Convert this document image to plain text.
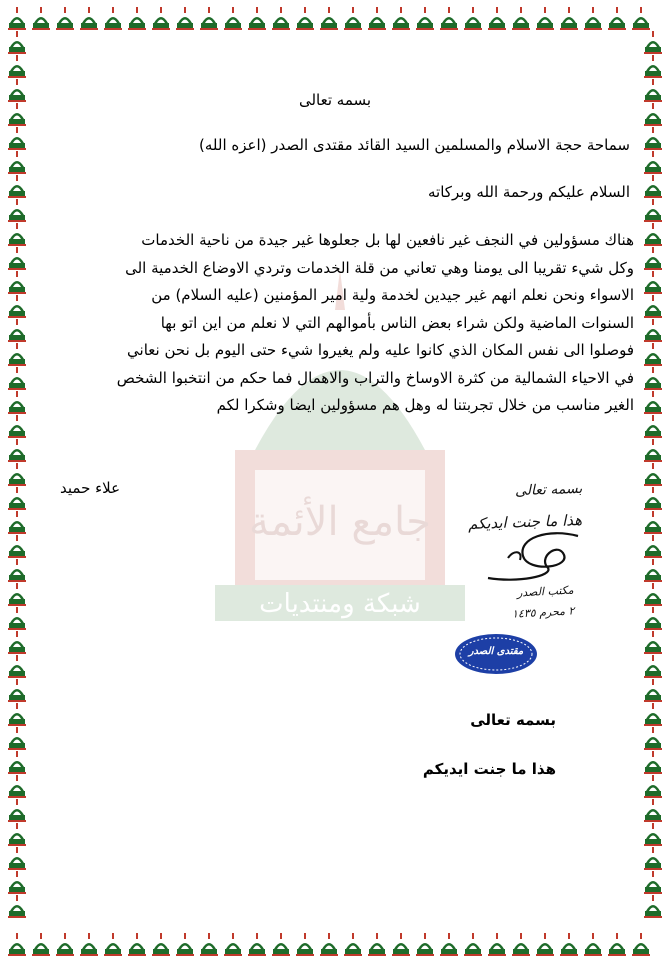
جامع الأئمة
شبكة ومنتديات
بسمه تعالى
سماحة حجة الاسلام والمسلمين السيد القائد مقتدى الصدر (اعزه الله)
السلام عليكم ورحمة الله وبركاته
هناك مسؤولين في النجف غير نافعين لها بل جعلوها غير جيدة من ناحية الخدمات
وكل شيء تقريبا الى يومنا وهي تعاني من قلة الخدمات وتردي الاوضاع الخدمية الى
الاسواء ونحن نعلم انهم غير جيدين لخدمة ولية امير المؤمنين (عليه السلام) من
السنوات الماضية ولكن شراء بعض الناس بأموالهم التي لا نعلم من اين اتو بها
فوصلوا الى نفس المكان الذي كانوا عليه ولم يغيروا شيء حتى اليوم بل نحن نعاني
في الاحياء الشمالية من كثرة الاوساخ والتراب والاهمال فما حكم من انتخبوا الشخص
الغير مناسب من خلال تجربتنا له وهل هم مسؤولين ايضا وشكرا لكم
علاء حميد	بسمه تعالى
هذا ما جنت ايديكم
مكتب الصدر
٢ محرم ١٤٣٥
مقتدى الصدر
بسمه تعالى
هذا ما جنت ايديكم
